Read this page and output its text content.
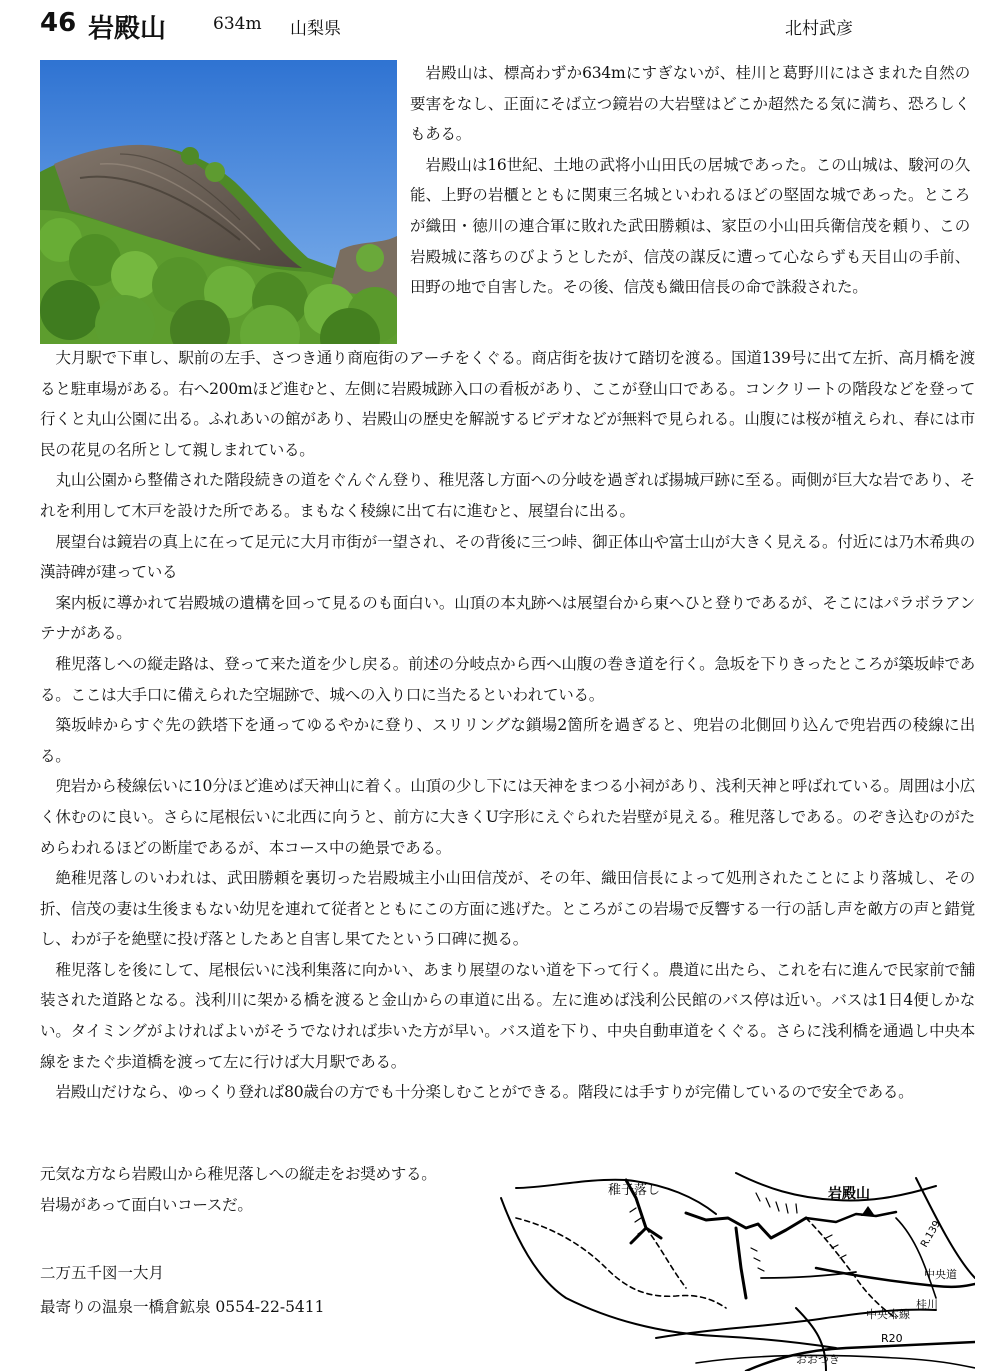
46 岩殿山	634m 山梨県	北村武彦

岩殿山は、標高わずか634mにすぎないが、桂川と葛野川にはさまれた自然の要害をなし、正面にそば立つ鏡岩の大岩壁はどこか超然たる気に満ち、恐ろしくもある。

岩殿山は16世紀、土地の武将小山田氏の居城であった。この山城は、駿河の久能、上野の岩櫃とともに関東三名城といわれるほどの堅固な城であった。ところが織田・徳川の連合軍に敗れた武田勝頼は、家臣の小山田兵衛信茂を頼り、この岩殿城に落ちのびようとしたが、信茂の謀反に遭って心ならずも天目山の手前、田野の地で自害した。その後、信茂も織田信長の命で誅殺された。

大月駅で下車し、駅前の左手、さつき通り商庖街のアーチをくぐる。商店街を抜けて踏切を渡る。国道139号に出て左折、高月橋を渡ると駐車場がある。右へ200mほど進むと、左側に岩殿城跡入口の看板があり、ここが登山口である。コンクリートの階段などを登って行くと丸山公園に出る。ふれあいの館があり、岩殿山の歴史を解説するビデオなどが無料で見られる。山腹には桜が植えられ、春には市民の花見の名所として親しまれている。

丸山公園から整備された階段続きの道をぐんぐん登り、稚児落し方面への分岐を過ぎれば揚城戸跡に至る。両側が巨大な岩であり、それを利用して木戸を設けた所である。まもなく稜線に出て右に進むと、展望台に出る。

展望台は鏡岩の真上に在って足元に大月市街が一望され、その背後に三つ峠、御正体山や富士山が大きく見える。付近には乃木希典の漢詩碑が建っている

案内板に導かれて岩殿城の遺構を回って見るのも面白い。山頂の本丸跡へは展望台から東へひと登りであるが、そこにはパラボラアンテナがある。

稚児落しへの縦走路は、登って来た道を少し戻る。前述の分岐点から西へ山腹の巻き道を行く。急坂を下りきったところが築坂峠である。ここは大手口に備えられた空堀跡で、城への入り口に当たるといわれている。

築坂峠からすぐ先の鉄塔下を通ってゆるやかに登り、スリリングな鎖場2箇所を過ぎると、兜岩の北側回り込んで兜岩西の稜線に出る。

兜岩から稜線伝いに10分ほど進めば天神山に着く。山頂の少し下には天神をまつる小祠があり、浅利天神と呼ばれている。周囲は小広く休むのに良い。さらに尾根伝いに北西に向うと、前方に大きくU字形にえぐられた岩壁が見える。稚児落しである。のぞき込むのがためらわれるほどの断崖であるが、本コース中の絶景である。

絶稚児落しのいわれは、武田勝頼を裏切った岩殿城主小山田信茂が、その年、織田信長によって処刑されたことにより落城し、その折、信茂の妻は生後まもない幼児を連れて従者とともにこの方面に逃げた。ところがこの岩場で反響する一行の話し声を敵方の声と錯覚し、わが子を絶壁に投げ落としたあと自害し果てたという口碑に拠る。

稚児落しを後にして、尾根伝いに浅利集落に向かい、あまり展望のない道を下って行く。農道に出たら、これを右に進んで民家前で舗装された道路となる。浅利川に架かる橋を渡ると金山からの車道に出る。左に進めば浅利公民館のバス停は近い。バスは1日4便しかない。タイミングがよければよいがそうでなければ歩いた方が早い。バス道を下り、中央自動車道をくぐる。さらに浅利橋を通過し中央本線をまたぐ歩道橋を渡って左に行けば大月駅である。

岩殿山だけなら、ゆっくり登れば80歳台の方でも十分楽しむことができる。階段には手すりが完備しているので安全である。

元気な方なら岩殿山から稚児落しへの縦走をお奨めする。

岩場があって面白いコースだ。

二万五千図一大月

最寄りの温泉一橋倉鉱泉 0554-22-5411

稚子落し	岩殿山
R.139
中央道
桂川
中央本線
R20
おおつき
